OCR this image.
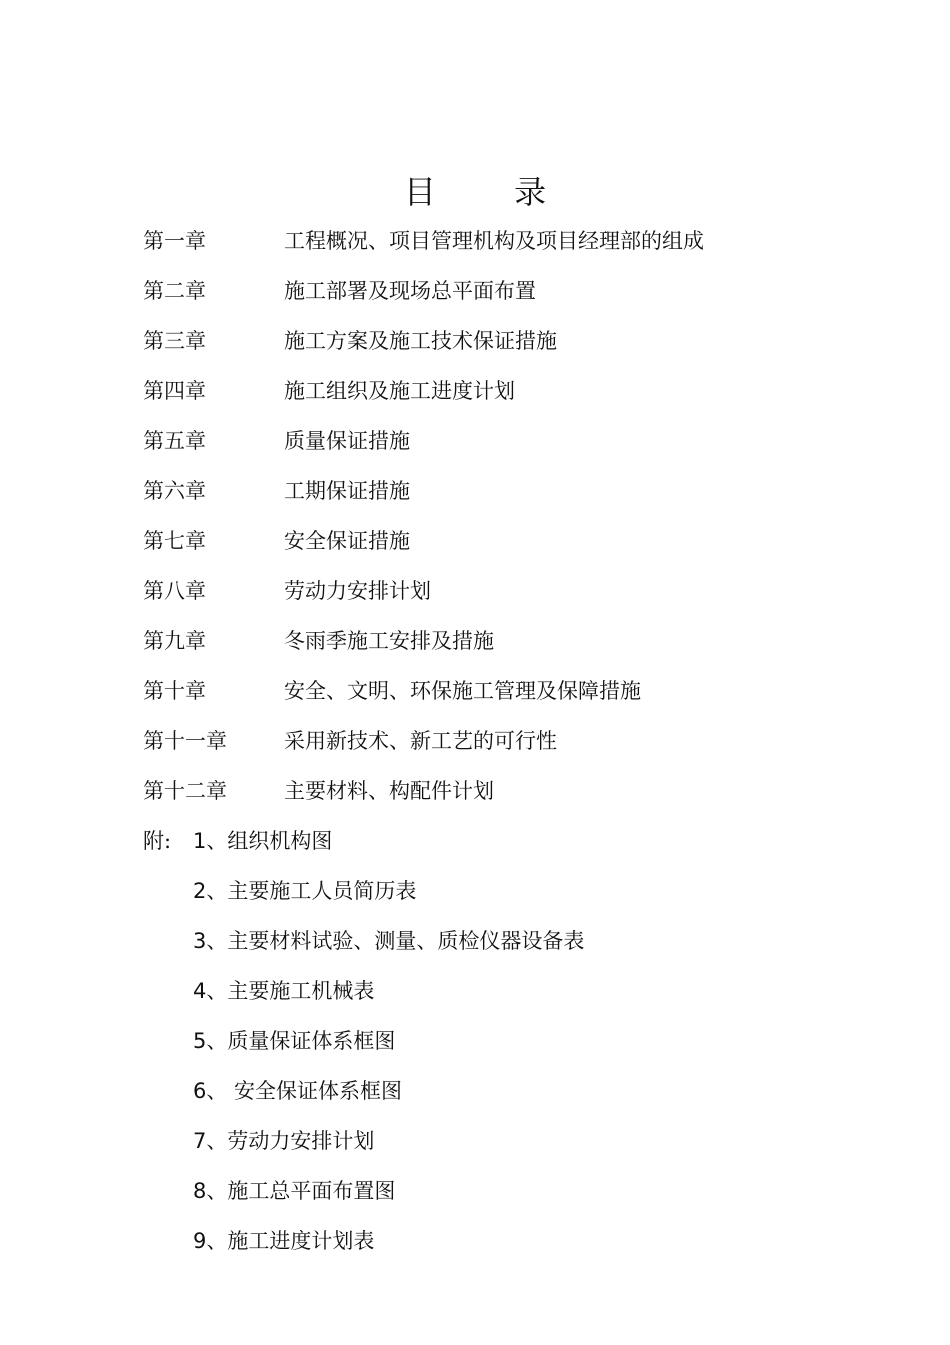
目 录
第一章	工程概况、项目管理机构及项目经理部的组成
第二章	施工部署及现场总平面布置
第三章	施工方案及施工技术保证措施
第四章	施工组织及施工进度计划
第五章	质量保证措施
第六章	工期保证措施
第七章	安全保证措施
第八章	劳动力安排计划
第九章	冬雨季施工安排及措施
第十章	安全、文明、环保施工管理及保障措施
第十一章	采用新技术、新工艺的可行性
第十二章	主要材料、构配件计划
附: 1、组织机构图
2、主要施工人员简历表
3、主要材料试验、测量、质检仪器设备表
4、主要施工机械表
5、质量保证体系框图
6、 安全保证体系框图
7、劳动力安排计划
8、施工总平面布置图
9、施工进度计划表
